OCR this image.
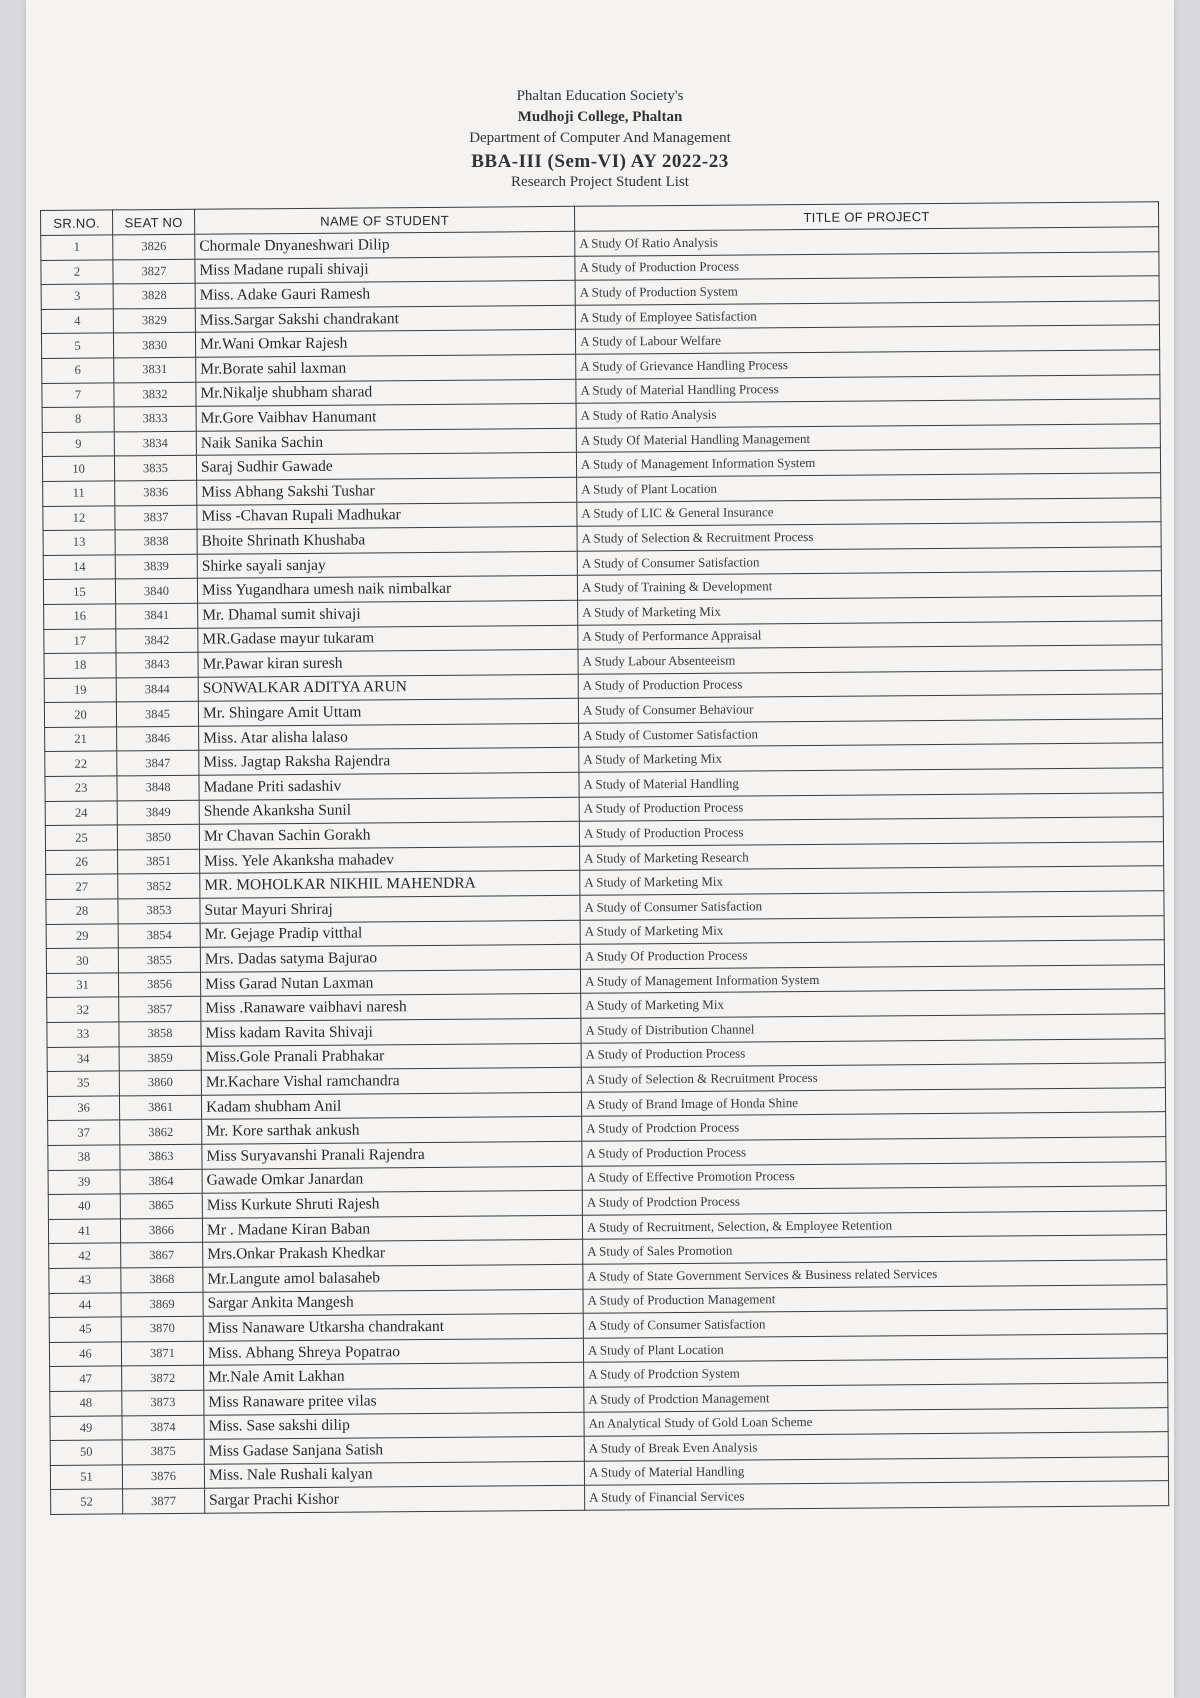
Phaltan Education Society's
Mudhoji College, Phaltan
Department of Computer And Management
BBA-III (Sem-VI) AY 2022-23
Research Project Student List
SR.NO.	SEAT NO	NAME OF STUDENT	TITLE OF PROJECT
1	3826	Chormale Dnyaneshwari Dilip	A Study Of Ratio Analysis
2	3827	Miss Madane rupali shivaji	A Study of Production Process
3	3828	Miss. Adake Gauri Ramesh	A Study of Production System
4	3829	Miss.Sargar Sakshi chandrakant	A Study of Employee Satisfaction
5	3830	Mr.Wani Omkar Rajesh	A Study of Labour Welfare
6	3831	Mr.Borate sahil laxman	A Study of Grievance Handling Process
7	3832	Mr.Nikalje shubham sharad	A Study of Material Handling Process
8	3833	Mr.Gore Vaibhav Hanumant	A Study of Ratio Analysis
9	3834	Naik Sanika Sachin	A Study Of Material Handling Management
10	3835	Saraj Sudhir Gawade	A Study of Management Information System
11	3836	Miss Abhang Sakshi Tushar	A Study of Plant Location
12	3837	Miss -Chavan Rupali Madhukar	A Study of LIC & General Insurance
13	3838	Bhoite Shrinath Khushaba	A Study of Selection & Recruitment Process
14	3839	Shirke sayali sanjay	A Study of Consumer Satisfaction
15	3840	Miss Yugandhara umesh naik nimbalkar	A Study of Training & Development
16	3841	Mr. Dhamal sumit shivaji	A Study of Marketing Mix
17	3842	MR.Gadase mayur tukaram	A Study of Performance Appraisal
18	3843	Mr.Pawar kiran suresh	A Study Labour Absenteeism
19	3844	SONWALKAR ADITYA ARUN	A Study of Production Process
20	3845	Mr. Shingare Amit Uttam	A Study of Consumer Behaviour
21	3846	Miss. Atar alisha lalaso	A Study of Customer Satisfaction
22	3847	Miss. Jagtap Raksha Rajendra	A Study of Marketing Mix
23	3848	Madane Priti sadashiv	A Study of Material Handling
24	3849	Shende Akanksha Sunil	A Study of Production Process
25	3850	Mr Chavan Sachin Gorakh	A Study of Production Process
26	3851	Miss. Yele Akanksha mahadev	A Study of Marketing Research
27	3852	MR. MOHOLKAR NIKHIL MAHENDRA	A Study of Marketing Mix
28	3853	Sutar Mayuri Shriraj	A Study of Consumer Satisfaction
29	3854	Mr. Gejage Pradip vitthal	A Study of Marketing Mix
30	3855	Mrs. Dadas satyma Bajurao	A Study Of Production Process
31	3856	Miss Garad Nutan Laxman	A Study of Management Information System
32	3857	Miss .Ranaware vaibhavi naresh	A Study of Marketing Mix
33	3858	Miss kadam Ravita Shivaji	A Study of Distribution Channel
34	3859	Miss.Gole Pranali Prabhakar	A Study of Production Process
35	3860	Mr.Kachare Vishal ramchandra	A Study of Selection & Recruitment Process
36	3861	Kadam shubham Anil	A Study of Brand Image of Honda Shine
37	3862	Mr. Kore sarthak ankush	A Study of Prodction Process
38	3863	Miss Suryavanshi Pranali Rajendra	A Study of Production Process
39	3864	Gawade Omkar Janardan	A Study of Effective Promotion Process
40	3865	Miss Kurkute Shruti Rajesh	A Study of Prodction Process
41	3866	Mr . Madane Kiran Baban	A Study of Recruitment, Selection, & Employee Retention
42	3867	Mrs.Onkar Prakash Khedkar	A Study of Sales Promotion
43	3868	Mr.Langute amol balasaheb	A Study of State Government Services & Business related Services
44	3869	Sargar Ankita Mangesh	A Study of Production Management
45	3870	Miss Nanaware Utkarsha chandrakant	A Study of Consumer Satisfaction
46	3871	Miss. Abhang Shreya Popatrao	A Study of Plant Location
47	3872	Mr.Nale Amit Lakhan	A Study of Prodction System
48	3873	Miss Ranaware pritee vilas	A Study of Prodction Management
49	3874	Miss. Sase sakshi dilip	An Analytical Study of Gold Loan Scheme
50	3875	Miss Gadase Sanjana Satish	A Study of Break Even Analysis
51	3876	Miss. Nale Rushali kalyan	A Study of Material Handling
52	3877	Sargar Prachi Kishor	A Study of Financial Services
